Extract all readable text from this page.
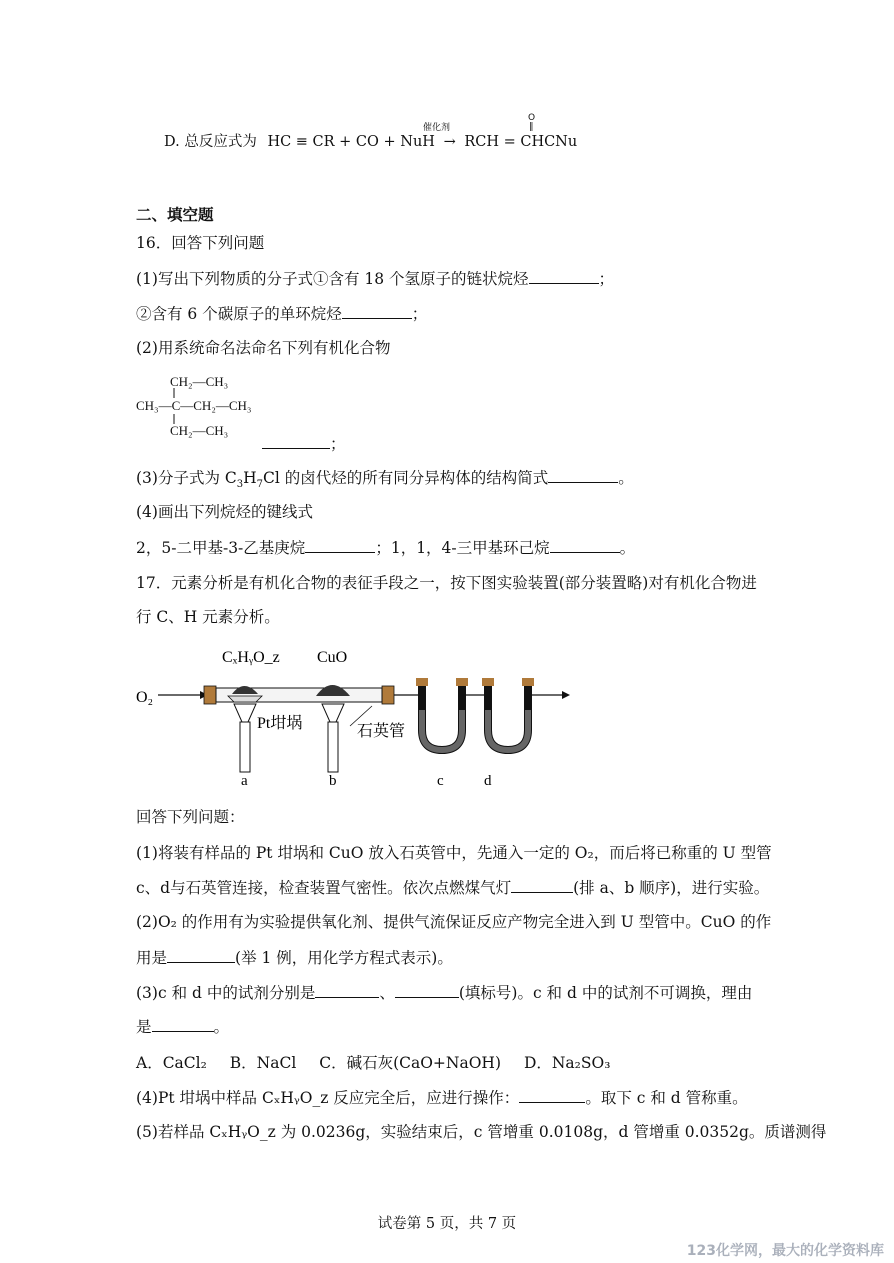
D. 总反应式为 HC ≡ CR + CO + NuH → RCH = CHCNu
催化剂
O
‖
二、填空题
16．回答下列问题
(1)写出下列物质的分子式①含有 18 个氢原子的链状烷烃	；
②含有 6 个碳原子的单环烷烃	；
(2)用系统命名法命名下列有机化合物
CH₂—CH₃
CH₃—C—CH₂—CH₃
CH₂—CH₃
；
(3)分子式为 $C_3H_7Cl$ 的卤代烃的所有同分异构体的结构简式	。
(4)画出下列烷烃的键线式
2，5-二甲基-3-乙基庚烷	；1，1，4-三甲基环己烷	。
17．元素分析是有机化合物的表征手段之一，按下图实验装置(部分装置略)对有机化合物进
行 C、H 元素分析。
CₓHᵧO_z CuO
O₂
Pt坩埚	石英管
a	b	c	d
回答下列问题：
(1)将装有样品的 Pt 坩埚和 CuO 放入石英管中，先通入一定的 O₂，而后将已称重的 U 型管
c、d与石英管连接，检查装置气密性。依次点燃煤气灯	(排 a、b 顺序)，进行实验。
(2)O₂ 的作用有为实验提供氧化剂、提供气流保证反应产物完全进入到 U 型管中。CuO 的作
用是	(举 1 例，用化学方程式表示)。
(3)c 和 d 中的试剂分别是	、	(填标号)。c 和 d 中的试剂不可调换，理由
是	。
A．CaCl₂ B．NaCl C．碱石灰(CaO+NaOH) D．Na₂SO₃
(4)Pt 坩埚中样品 CₓHᵧO_z 反应完全后，应进行操作：	。取下 c 和 d 管称重。
(5)若样品 CₓHᵧO_z 为 0.0236g，实验结束后，c 管增重 0.0108g，d 管增重 0.0352g。质谱测得
试卷第 5 页，共 7 页
123化学网，最大的化学资料库
